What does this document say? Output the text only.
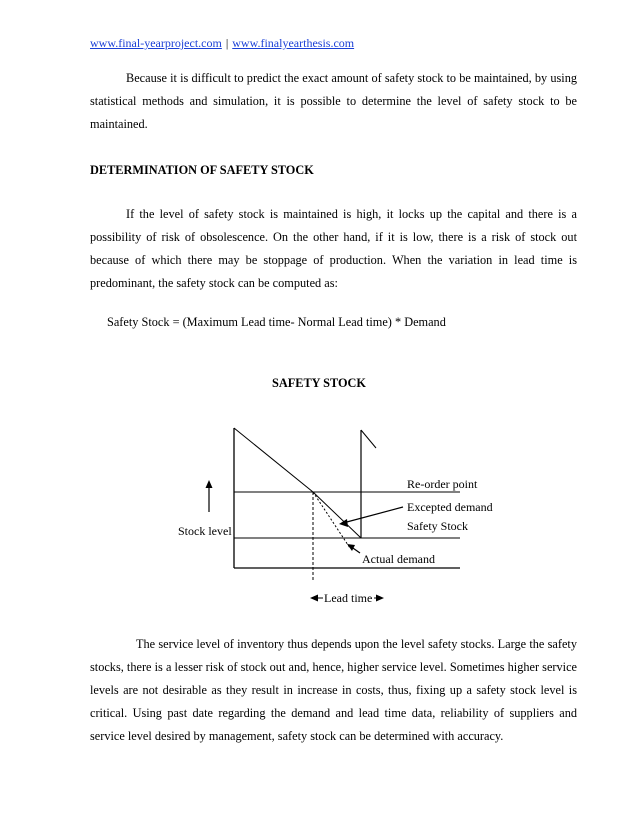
www.final-yearproject.com | www.finalyearthesis.com

Because it is difficult to predict the exact amount of safety stock to be maintained, by using statistical methods and simulation, it is possible to determine the level of safety stock to be maintained.

DETERMINATION OF SAFETY STOCK

If the level of safety stock is maintained is high, it locks up the capital and there is a possibility of risk of obsolescence. On the other hand, if it is low, there is a risk of stock out because of which there may be stoppage of production. When the variation in lead time is predominant, the safety stock can be computed as:

Safety Stock = (Maximum Lead time- Normal Lead time) * Demand

SAFETY STOCK

Re-order point
Excepted demand
Safety Stock
Actual demand
Stock level
Lead time

The service level of inventory thus depends upon the level safety stocks. Large the safety stocks, there is a lesser risk of stock out and, hence, higher service level. Sometimes higher service levels are not desirable as they result in increase in costs, thus, fixing up a safety stock level is critical. Using past date regarding the demand and lead time data, reliability of suppliers and service level desired by management, safety stock can be determined with accuracy.
